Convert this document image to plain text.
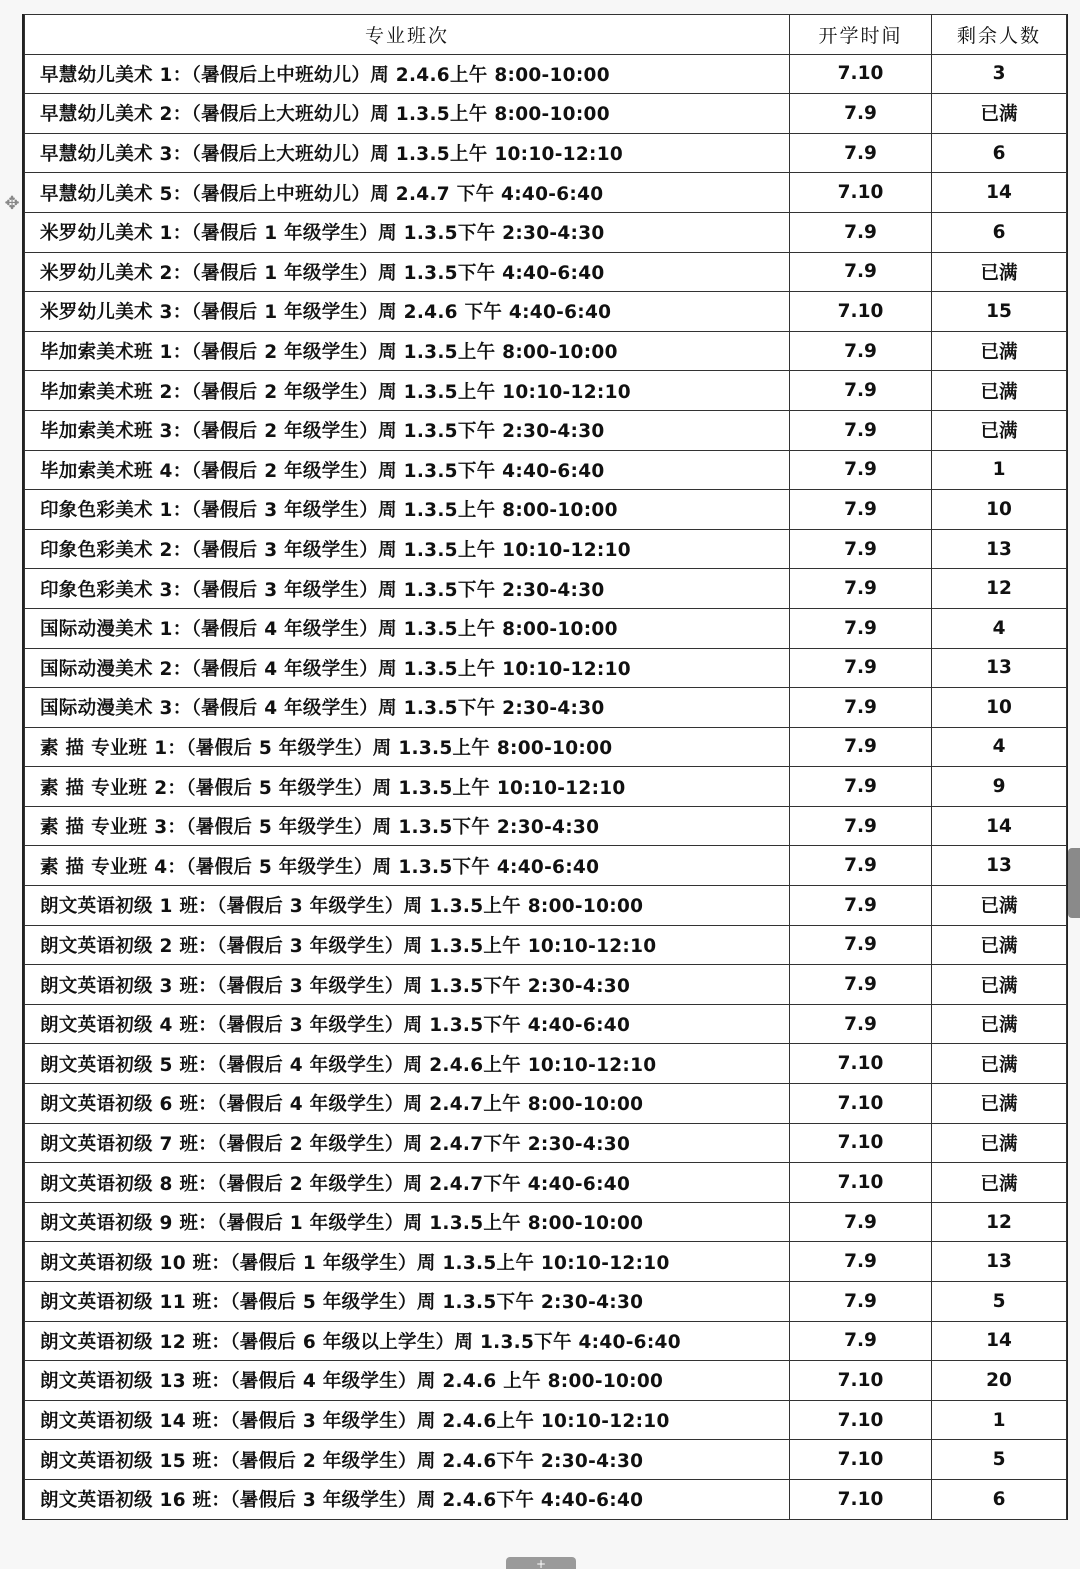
专业班次	开学时间	剩余人数
早慧幼儿美术 1：（暑假后上中班幼儿）周 2.4.6上午 8:00-10:00	7.10	3
早慧幼儿美术 2：（暑假后上大班幼儿）周 1.3.5上午 8:00-10:00	7.9	已满
早慧幼儿美术 3：（暑假后上大班幼儿）周 1.3.5上午 10:10-12:10	7.9	6
早慧幼儿美术 5：（暑假后上中班幼儿）周 2.4.7 下午 4:40-6:40	7.10	14
米罗幼儿美术 1：（暑假后 1 年级学生）周 1.3.5下午 2:30-4:30	7.9	6
米罗幼儿美术 2：（暑假后 1 年级学生）周 1.3.5下午 4:40-6:40	7.9	已满
米罗幼儿美术 3：（暑假后 1 年级学生）周 2.4.6 下午 4:40-6:40	7.10	15
毕加索美术班 1：（暑假后 2 年级学生）周 1.3.5上午 8:00-10:00	7.9	已满
毕加索美术班 2：（暑假后 2 年级学生）周 1.3.5上午 10:10-12:10	7.9	已满
毕加索美术班 3：（暑假后 2 年级学生）周 1.3.5下午 2:30-4:30	7.9	已满
毕加索美术班 4：（暑假后 2 年级学生）周 1.3.5下午 4:40-6:40	7.9	1
印象色彩美术 1：（暑假后 3 年级学生）周 1.3.5上午 8:00-10:00	7.9	10
印象色彩美术 2：（暑假后 3 年级学生）周 1.3.5上午 10:10-12:10	7.9	13
印象色彩美术 3：（暑假后 3 年级学生）周 1.3.5下午 2:30-4:30	7.9	12
国际动漫美术 1：（暑假后 4 年级学生）周 1.3.5上午 8:00-10:00	7.9	4
国际动漫美术 2：（暑假后 4 年级学生）周 1.3.5上午 10:10-12:10	7.9	13
国际动漫美术 3：（暑假后 4 年级学生）周 1.3.5下午 2:30-4:30	7.9	10
素 描 专业班 1：（暑假后 5 年级学生）周 1.3.5上午 8:00-10:00	7.9	4
素 描 专业班 2：（暑假后 5 年级学生）周 1.3.5上午 10:10-12:10	7.9	9
素 描 专业班 3：（暑假后 5 年级学生）周 1.3.5下午 2:30-4:30	7.9	14
素 描 专业班 4：（暑假后 5 年级学生）周 1.3.5下午 4:40-6:40	7.9	13
朗文英语初级 1 班：（暑假后 3 年级学生）周 1.3.5上午 8:00-10:00	7.9	已满
朗文英语初级 2 班：（暑假后 3 年级学生）周 1.3.5上午 10:10-12:10	7.9	已满
朗文英语初级 3 班：（暑假后 3 年级学生）周 1.3.5下午 2:30-4:30	7.9	已满
朗文英语初级 4 班：（暑假后 3 年级学生）周 1.3.5下午 4:40-6:40	7.9	已满
朗文英语初级 5 班：（暑假后 4 年级学生）周 2.4.6上午 10:10-12:10	7.10	已满
朗文英语初级 6 班：（暑假后 4 年级学生）周 2.4.7上午 8:00-10:00	7.10	已满
朗文英语初级 7 班：（暑假后 2 年级学生）周 2.4.7下午 2:30-4:30	7.10	已满
朗文英语初级 8 班：（暑假后 2 年级学生）周 2.4.7下午 4:40-6:40	7.10	已满
朗文英语初级 9 班：（暑假后 1 年级学生）周 1.3.5上午 8:00-10:00	7.9	12
朗文英语初级 10 班：（暑假后 1 年级学生）周 1.3.5上午 10:10-12:10	7.9	13
朗文英语初级 11 班：（暑假后 5 年级学生）周 1.3.5下午 2:30-4:30	7.9	5
朗文英语初级 12 班：（暑假后 6 年级以上学生）周 1.3.5下午 4:40-6:40	7.9	14
朗文英语初级 13 班：（暑假后 4 年级学生）周 2.4.6 上午 8:00-10:00	7.10	20
朗文英语初级 14 班：（暑假后 3 年级学生）周 2.4.6上午 10:10-12:10	7.10	1
朗文英语初级 15 班：（暑假后 2 年级学生）周 2.4.6下午 2:30-4:30	7.10	5
朗文英语初级 16 班：（暑假后 3 年级学生）周 2.4.6下午 4:40-6:40	7.10	6
✥
+
